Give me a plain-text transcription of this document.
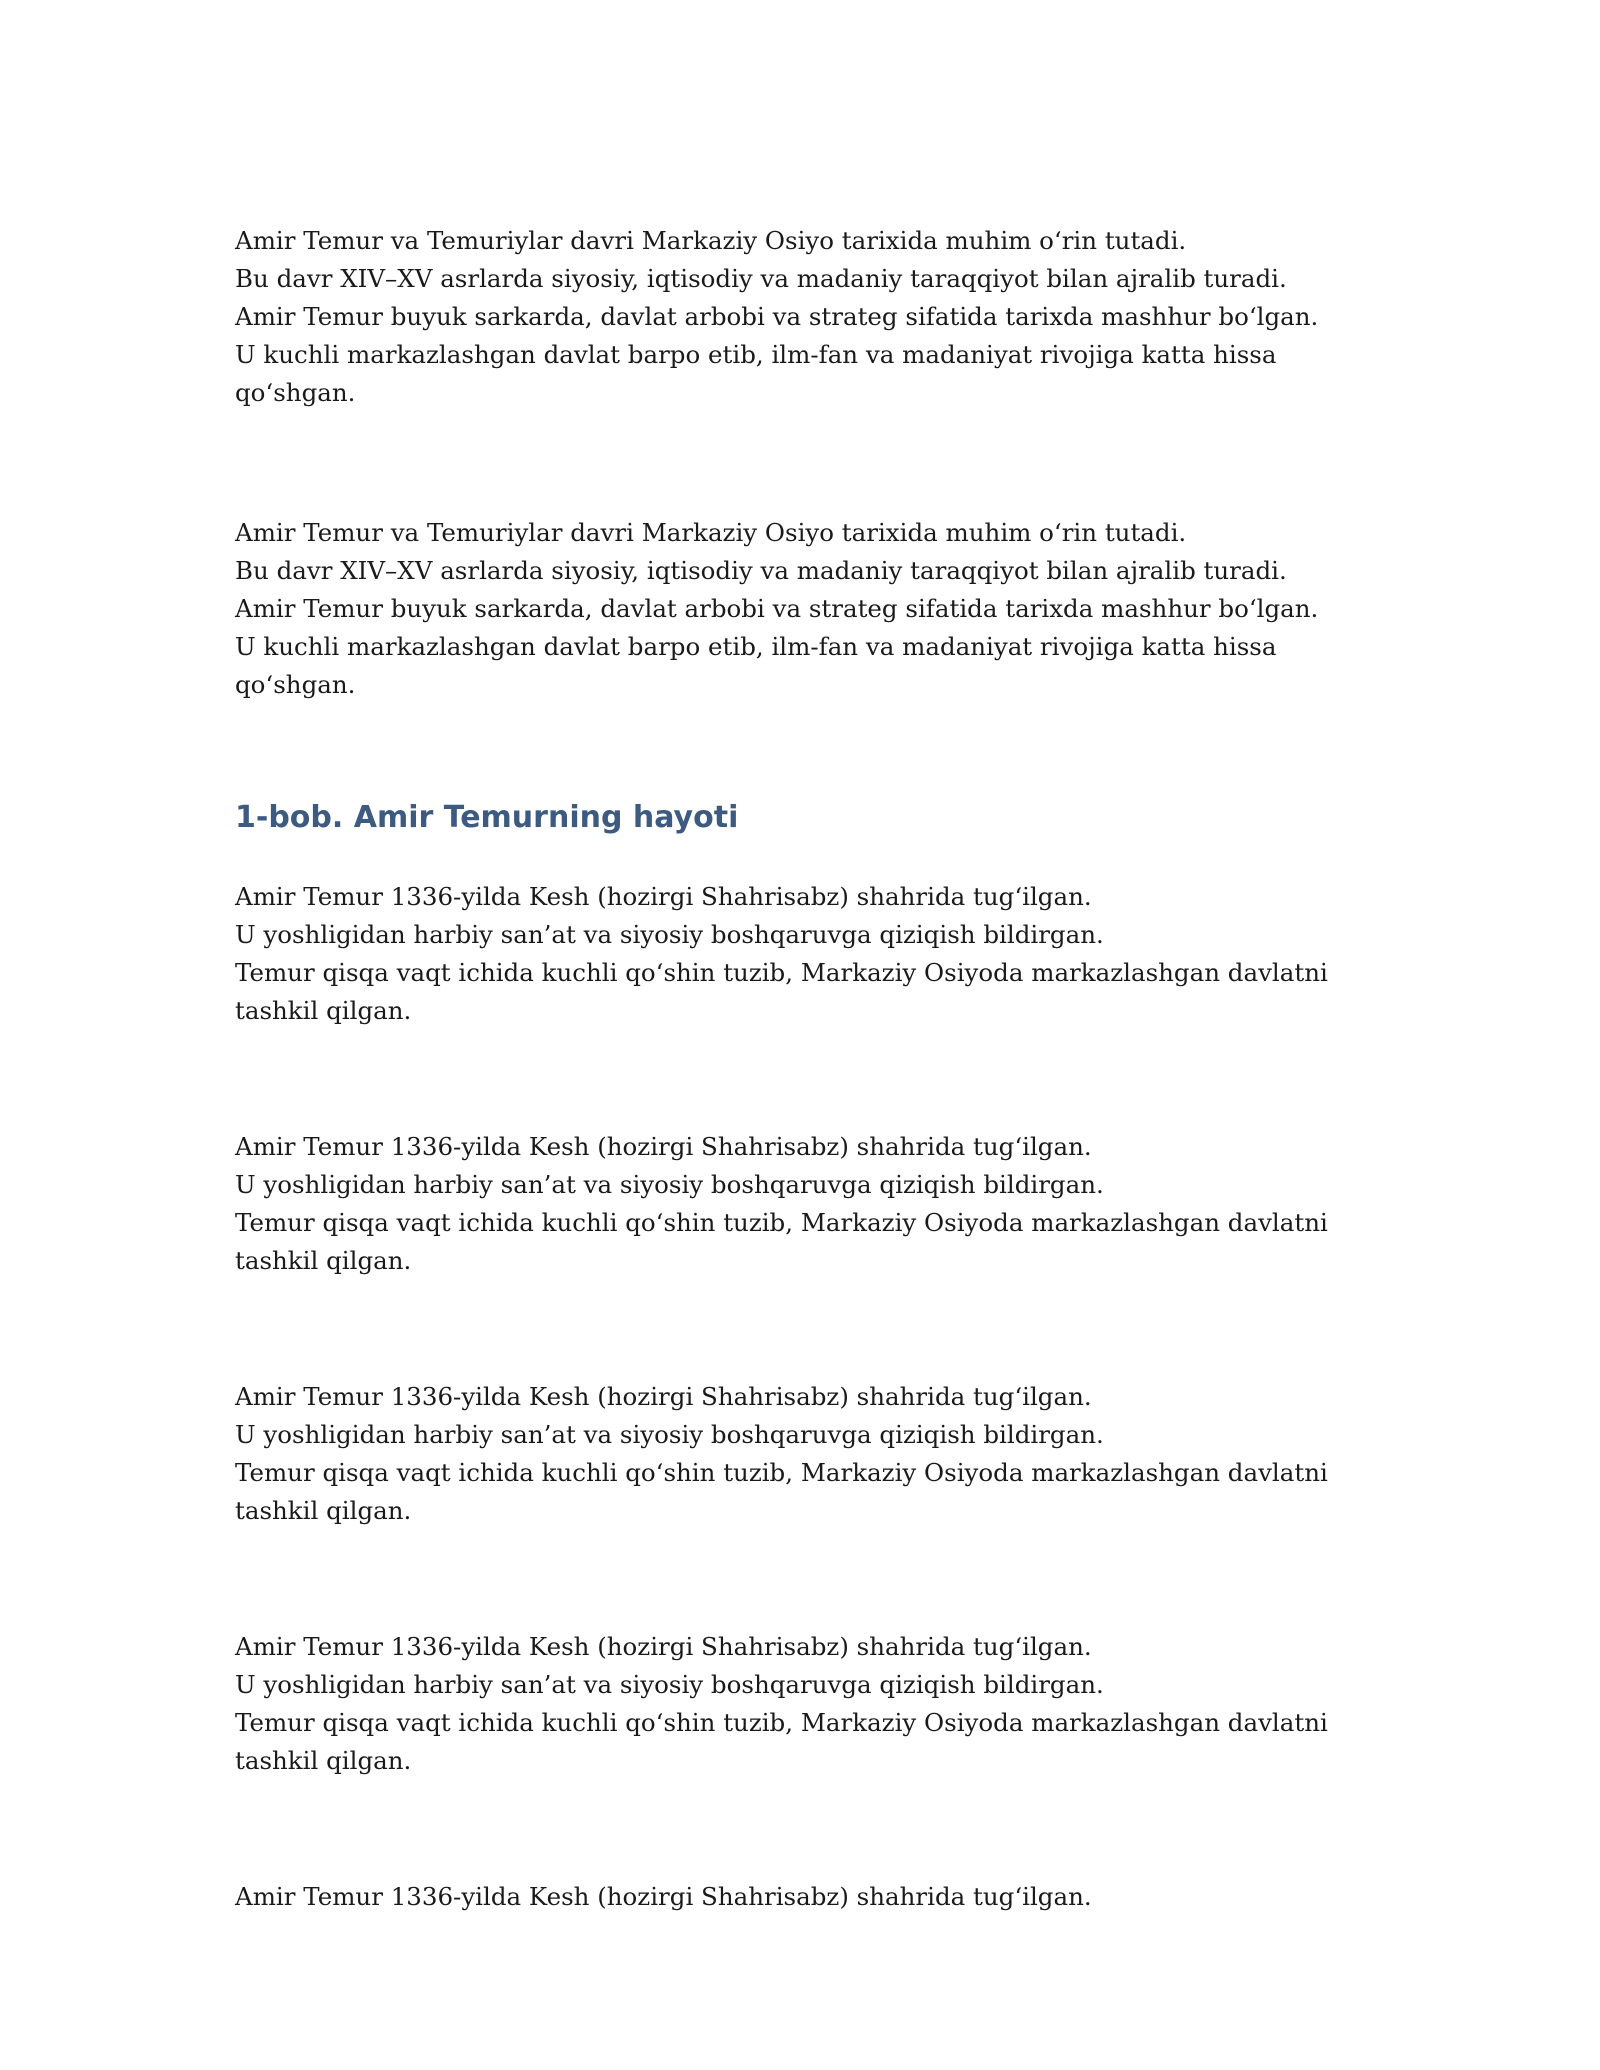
Amir Temur va Temuriylar davri Markaziy Osiyo tarixida muhim o‘rin tutadi.
Bu davr XIV–XV asrlarda siyosiy, iqtisodiy va madaniy taraqqiyot bilan ajralib turadi.
Amir Temur buyuk sarkarda, davlat arbobi va strateg sifatida tarixda mashhur bo‘lgan.
U kuchli markazlashgan davlat barpo etib, ilm-fan va madaniyat rivojiga katta hissa qo‘shgan.

Amir Temur va Temuriylar davri Markaziy Osiyo tarixida muhim o‘rin tutadi.
Bu davr XIV–XV asrlarda siyosiy, iqtisodiy va madaniy taraqqiyot bilan ajralib turadi.
Amir Temur buyuk sarkarda, davlat arbobi va strateg sifatida tarixda mashhur bo‘lgan.
U kuchli markazlashgan davlat barpo etib, ilm-fan va madaniyat rivojiga katta hissa qo‘shgan.

1-bob. Amir Temurning hayoti

Amir Temur 1336-yilda Kesh (hozirgi Shahrisabz) shahrida tug‘ilgan.
U yoshligidan harbiy san’at va siyosiy boshqaruvga qiziqish bildirgan.
Temur qisqa vaqt ichida kuchli qo‘shin tuzib, Markaziy Osiyoda markazlashgan davlatni tashkil qilgan.

Amir Temur 1336-yilda Kesh (hozirgi Shahrisabz) shahrida tug‘ilgan.
U yoshligidan harbiy san’at va siyosiy boshqaruvga qiziqish bildirgan.
Temur qisqa vaqt ichida kuchli qo‘shin tuzib, Markaziy Osiyoda markazlashgan davlatni tashkil qilgan.

Amir Temur 1336-yilda Kesh (hozirgi Shahrisabz) shahrida tug‘ilgan.
U yoshligidan harbiy san’at va siyosiy boshqaruvga qiziqish bildirgan.
Temur qisqa vaqt ichida kuchli qo‘shin tuzib, Markaziy Osiyoda markazlashgan davlatni tashkil qilgan.

Amir Temur 1336-yilda Kesh (hozirgi Shahrisabz) shahrida tug‘ilgan.
U yoshligidan harbiy san’at va siyosiy boshqaruvga qiziqish bildirgan.
Temur qisqa vaqt ichida kuchli qo‘shin tuzib, Markaziy Osiyoda markazlashgan davlatni tashkil qilgan.

Amir Temur 1336-yilda Kesh (hozirgi Shahrisabz) shahrida tug‘ilgan.
